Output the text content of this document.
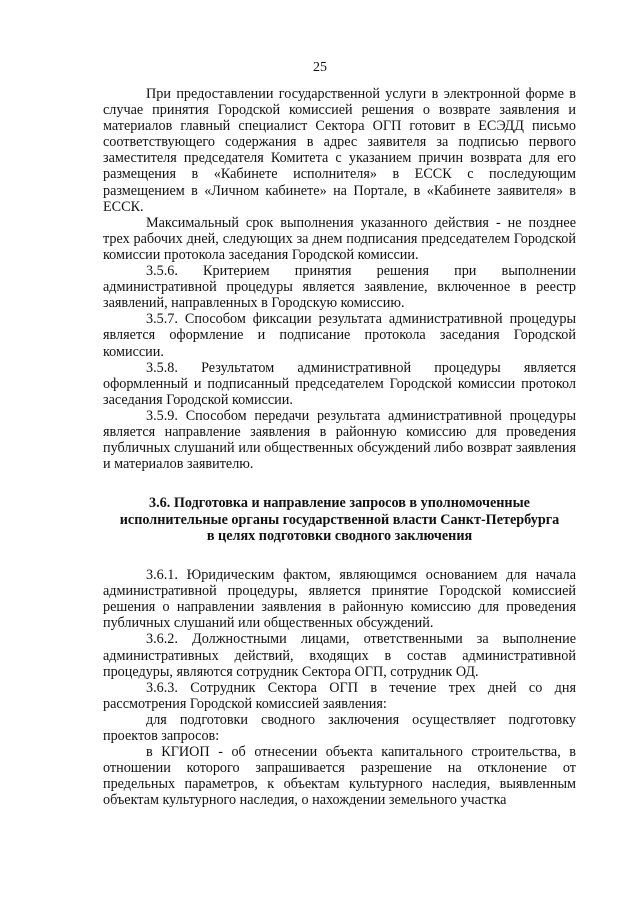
25

При предоставлении государственной услуги в электронной форме в случае принятия Городской комиссией решения о возврате заявления и материалов главный специалист Сектора ОГП готовит в ЕСЭДД письмо соответствующего содержания в адрес заявителя за подписью первого заместителя председателя Комитета с указанием причин возврата для его размещения в «Кабинете исполнителя» в ЕССК с последующим размещением в «Личном кабинете» на Портале, в «Кабинете заявителя» в ЕССК.

Максимальный срок выполнения указанного действия - не позднее трех рабочих дней, следующих за днем подписания председателем Городской комиссии протокола заседания Городской комиссии.

3.5.6. Критерием принятия решения при выполнении административной процедуры является заявление, включенное в реестр заявлений, направленных в Городскую комиссию.

3.5.7. Способом фиксации результата административной процедуры является оформление и подписание протокола заседания Городской комиссии.

3.5.8. Результатом административной процедуры является оформленный и подписанный председателем Городской комиссии протокол заседания Городской комиссии.

3.5.9. Способом передачи результата административной процедуры является направление заявления в районную комиссию для проведения публичных слушаний или общественных обсуждений либо возврат заявления и материалов заявителю.

3.6. Подготовка и направление запросов в уполномоченные
исполнительные органы государственной власти Санкт-Петербурга
в целях подготовки сводного заключения

3.6.1. Юридическим фактом, являющимся основанием для начала административной процедуры, является принятие Городской комиссией решения о направлении заявления в районную комиссию для проведения публичных слушаний или общественных обсуждений.

3.6.2. Должностными лицами, ответственными за выполнение административных действий, входящих в состав административной процедуры, являются сотрудник Сектора ОГП, сотрудник ОД.

3.6.3. Сотрудник Сектора ОГП в течение трех дней со дня рассмотрения Городской комиссией заявления:

для подготовки сводного заключения осуществляет подготовку проектов запросов:

в КГИОП - об отнесении объекта капитального строительства, в отношении которого запрашивается разрешение на отклонение от предельных параметров, к объектам культурного наследия, выявленным объектам культурного наследия, о нахождении земельного участка
